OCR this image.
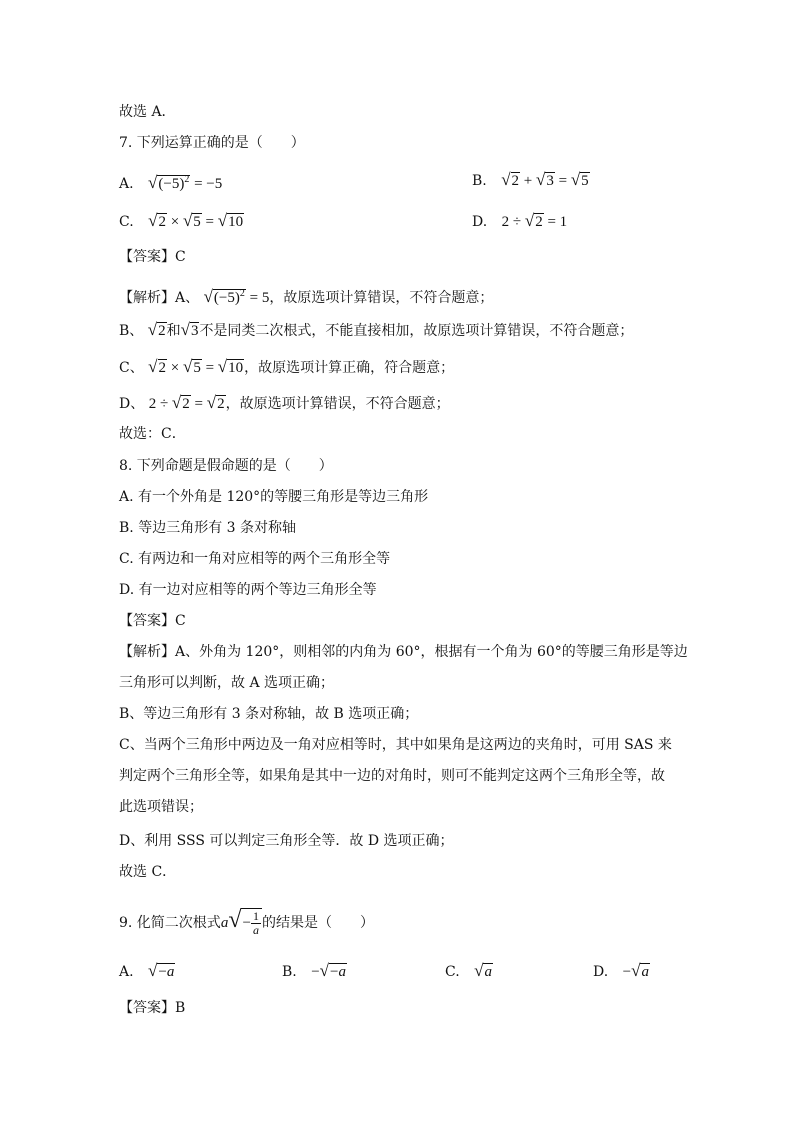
故选 A．
7. 下列运算正确的是（　　）
A. $√(-5)^2 = -5$	B. √2 + √3 = √5
C. √2 × √5 = √10	D. 2 ÷ √2 = 1
【答案】C
【解析】A、 $√(-5)^2 = 5$，故原选项计算错误，不符合题意；
B、 √2和√3不是同类二次根式，不能直接相加，故原选项计算错误，不符合题意；
C、 √2 × √5 = √10，故原选项计算正确，符合题意；
D、 2 ÷ √2 = √2，故原选项计算错误，不符合题意；
故选：C．
8. 下列命题是假命题的是（　　）
A. 有一个外角是 120°的等腰三角形是等边三角形
B. 等边三角形有 3 条对称轴
C. 有两边和一角对应相等的两个三角形全等
D. 有一边对应相等的两个等边三角形全等
【答案】C
【解析】A、外角为 120°，则相邻的内角为 60°，根据有一个角为 60°的等腰三角形是等边
三角形可以判断，故 A 选项正确；
B、等边三角形有 3 条对称轴，故 B 选项正确；
C、当两个三角形中两边及一角对应相等时，其中如果角是这两边的夹角时，可用 SAS 来
判定两个三角形全等，如果角是其中一边的对角时，则可不能判定这两个三角形全等，故
此选项错误；
D、利用 SSS 可以判定三角形全等．故 D 选项正确；
故选 C．
9. 化简二次根式$a√- \frac{1}{a}$ 的结果是（　　）
A. √−a	B. −√−a	C. √a	D. −√a
【答案】B
